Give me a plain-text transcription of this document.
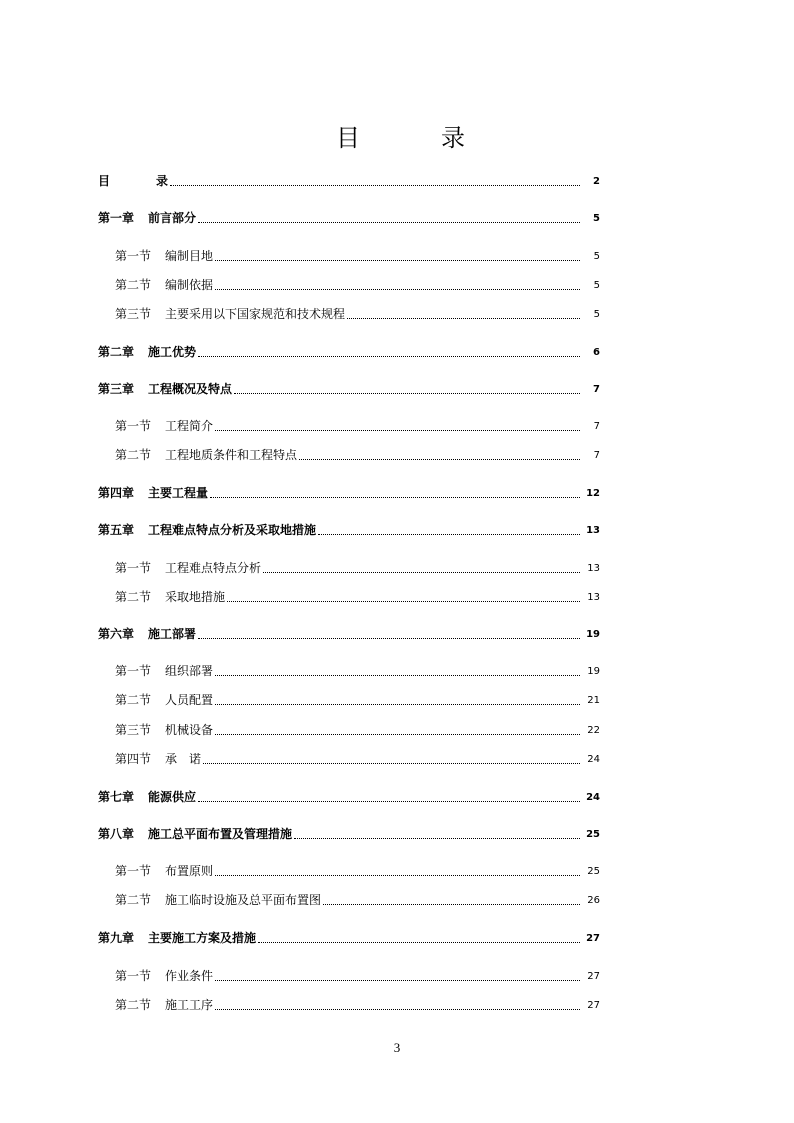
目	录
目	录	2
第一章 前言部分	5
第一节 编制目地	5
第二节 编制依据	5
第三节 主要采用以下国家规范和技术规程	5
第二章 施工优势	6
第三章 工程概况及特点	7
第一节 工程简介	7
第二节 工程地质条件和工程特点	7
第四章 主要工程量	12
第五章 工程难点特点分析及采取地措施	13
第一节 工程难点特点分析	13
第二节 采取地措施	13
第六章 施工部署	19
第一节 组织部署	19
第二节 人员配置	21
第三节 机械设备	22
第四节 承　诺	24
第七章 能源供应	24
第八章 施工总平面布置及管理措施	25
第一节 布置原则	25
第二节 施工临时设施及总平面布置图	26
第九章 主要施工方案及措施	27
第一节 作业条件	27
第二节 施工工序	27
3
